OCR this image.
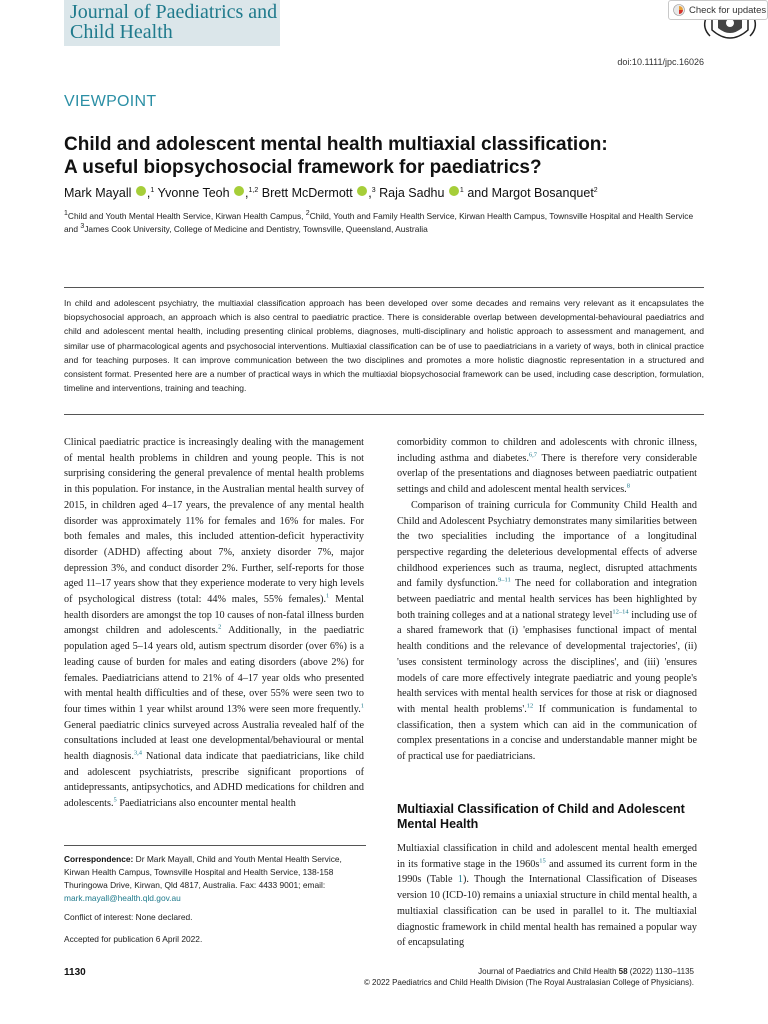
Journal of Paediatrics and
Child Health
Check for updates
doi:10.1111/jpc.16026
VIEWPOINT
Child and adolescent mental health multiaxial classification:
A useful biopsychosocial framework for paediatrics?
Mark Mayall ,$^1$ Yvonne Teoh ,$^{1,2}$ Brett McDermott ,$^3$ Raja Sadhu $^1$ and Margot Bosanquet$^2$
$^1$Child and Youth Mental Health Service, Kirwan Health Campus, $^2$Child, Youth and Family Health Service, Kirwan Health Campus, Townsville Hospital and Health Service and $^3$James Cook University, College of Medicine and Dentistry, Townsville, Queensland, Australia
In child and adolescent psychiatry, the multiaxial classification approach has been developed over some decades and remains very relevant as it encapsulates the biopsychosocial approach, an approach which is also central to paediatric practice. There is considerable overlap between developmental-behavioural paediatrics and child and adolescent mental health, including presenting clinical problems, diagnoses, multi-disciplinary and holistic approach to assessment and management, and similar use of pharmacological agents and psychosocial interventions. Multiaxial classification can be of use to paediatricians in a variety of ways, both in clinical practice and for teaching purposes. It can improve communication between the two disciplines and promotes a more holistic diagnostic representation in a structured and consistent format. Presented here are a number of practical ways in which the multiaxial biopsychosocial framework can be used, including case description, formulation, timeline and interventions, training and teaching.

Clinical paediatric practice is increasingly dealing with the management of mental health problems in children and young people. This is not surprising considering the general prevalence of mental health problems in this population. For instance, in the Australian mental health survey of 2015, in children aged 4–17 years, the prevalence of any mental health disorder was approximately 11% for females and 16% for males. For both females and males, this included attention-deficit hyperactivity disorder (ADHD) affecting about 7%, anxiety disorder 7%, major depression 3%, and conduct disorder 2%. Further, self-reports for those aged 11–17 years show that they experience moderate to very high levels of psychological distress (total: 44% males, 55% females).$^1$ Mental health disorders are amongst the top 10 causes of non-fatal illness burden amongst children and adolescents.$^2$ Additionally, in the paediatric population aged 5–14 years old, autism spectrum disorder (over 6%) is a leading cause of burden for males and eating disorders (above 2%) for females. Paediatricians attend to 21% of 4–17 year olds who presented with mental health difficulties and of these, over 55% were seen two to four times within 1 year whilst around 13% were seen more frequently.$^1$ General paediatric clinics surveyed across Australia revealed half of the consultations included at least one developmental/behavioural or mental health diagnosis.$^{3,4}$ National data indicate that paediatricians, like child and adolescent psychiatrists, prescribe significant proportions of antidepressants, antipsychotics, and ADHD medications for children and adolescents.$^5$ Paediatricians also encounter mental health

Correspondence: Dr Mark Mayall, Child and Youth Mental Health Service, Kirwan Health Campus, Townsville Hospital and Health Service, 138-158 Thuringowa Drive, Kirwan, Qld 4817, Australia. Fax: 4433 9001; email: mark.mayall@health.qld.gov.au
Conflict of interest: None declared.
Accepted for publication 6 April 2022.

comorbidity common to children and adolescents with chronic illness, including asthma and diabetes.$^{6,7}$ There is therefore very considerable overlap of the presentations and diagnoses between paediatric outpatient settings and child and adolescent mental health services.$^8$

Comparison of training curricula for Community Child Health and Child and Adolescent Psychiatry demonstrates many similarities between the two specialities including the importance of a longitudinal perspective regarding the deleterious developmental effects of adverse childhood experiences such as trauma, neglect, disrupted attachments and family dysfunction.$^{9-11}$ The need for collaboration and integration between paediatric and mental health services has been highlighted by both training colleges and at a national strategy level$^{12-14}$ including use of a shared framework that (i) 'emphasises functional impact of mental health conditions and the relevance of developmental trajectories', (ii) 'uses consistent terminology across the disciplines', and (iii) 'ensures models of care more effectively integrate paediatric and young people's health services with mental health services for those at risk or diagnosed with mental health problems'.$^{12}$ If communication is fundamental to classification, then a system which can aid in the communication of complex presentations in a concise and understandable manner might be of practical use for paediatricians.

Multiaxial Classification of Child and Adolescent Mental Health

Multiaxial classification in child and adolescent mental health emerged in its formative stage in the 1960s$^{15}$ and assumed its current form in the 1990s (Table 1). Though the International Classification of Diseases version 10 (ICD-10) remains a uniaxial structure in child mental health, a multiaxial classification can be used in parallel to it. The multiaxial diagnostic framework in child mental health has remained a popular way of encapsulating

1130	Journal of Paediatrics and Child Health 58 (2022) 1130–1135
© 2022 Paediatrics and Child Health Division (The Royal Australasian College of Physicians).
